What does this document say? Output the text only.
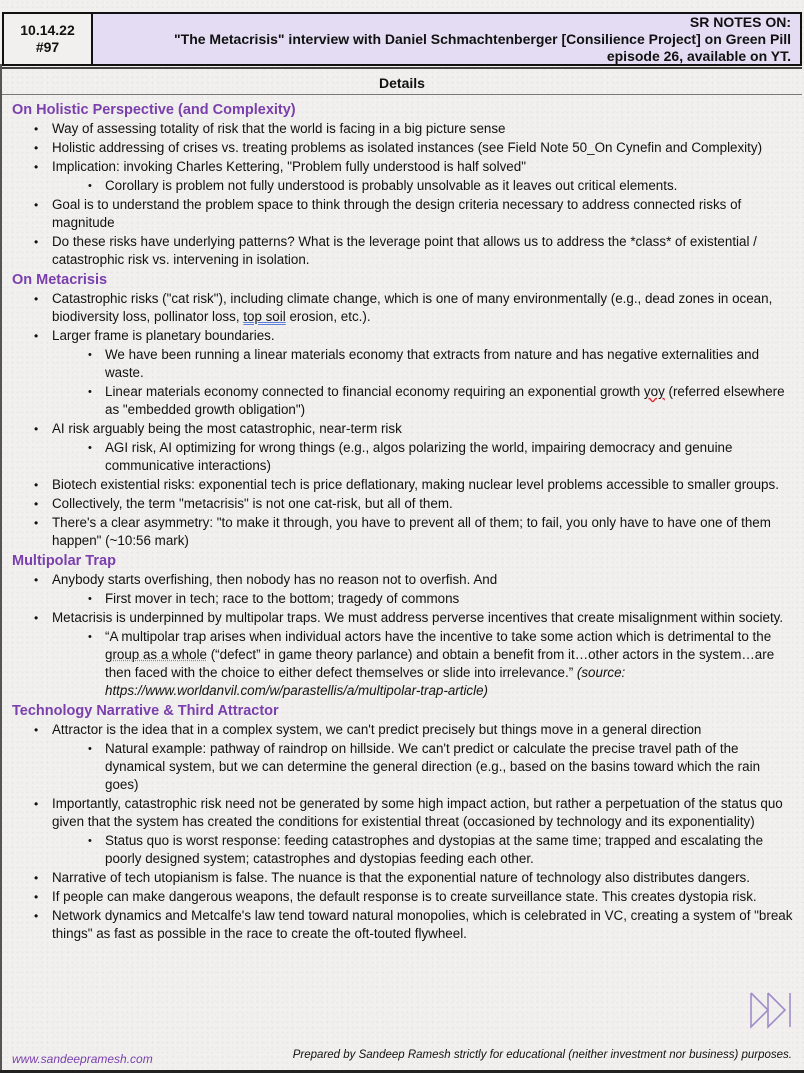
10.14.22
#97
SR NOTES ON:
"The Metacrisis" interview with Daniel Schmachtenberger [Consilience Project] on Green Pill
episode 26, available on YT.
Details
On Holistic Perspective (and Complexity)
• Way of assessing totality of risk that the world is facing in a big picture sense
• Holistic addressing of crises vs. treating problems as isolated instances (see Field Note 50_On Cynefin and Complexity)
• Implication: invoking Charles Kettering, "Problem fully understood is half solved"
• Corollary is problem not fully understood is probably unsolvable as it leaves out critical elements.
• Goal is to understand the problem space to think through the design criteria necessary to address connected risks of magnitude
• Do these risks have underlying patterns? What is the leverage point that allows us to address the *class* of existential / catastrophic risk vs. intervening in isolation.
On Metacrisis
• Catastrophic risks ("cat risk"), including climate change, which is one of many environmentally (e.g., dead zones in ocean, biodiversity loss, pollinator loss, top soil erosion, etc.).
• Larger frame is planetary boundaries.
• We have been running a linear materials economy that extracts from nature and has negative externalities and waste.
• Linear materials economy connected to financial economy requiring an exponential growth yoy (referred elsewhere as "embedded growth obligation")
• AI risk arguably being the most catastrophic, near-term risk
• AGI risk, AI optimizing for wrong things (e.g., algos polarizing the world, impairing democracy and genuine communicative interactions)
• Biotech existential risks: exponential tech is price deflationary, making nuclear level problems accessible to smaller groups.
• Collectively, the term "metacrisis" is not one cat-risk, but all of them.
• There's a clear asymmetry: "to make it through, you have to prevent all of them; to fail, you only have to have one of them happen" (~10:56 mark)
Multipolar Trap
• Anybody starts overfishing, then nobody has no reason not to overfish. And
• First mover in tech; race to the bottom; tragedy of commons
• Metacrisis is underpinned by multipolar traps. We must address perverse incentives that create misalignment within society.
• “A multipolar trap arises when individual actors have the incentive to take some action which is detrimental to the group as a whole (“defect” in game theory parlance) and obtain a benefit from it…other actors in the system…are then faced with the choice to either defect themselves or slide into irrelevance.” (source: https://www.worldanvil.com/w/parastellis/a/multipolar-trap-article)
Technology Narrative & Third Attractor
• Attractor is the idea that in a complex system, we can't predict precisely but things move in a general direction
• Natural example: pathway of raindrop on hillside. We can't predict or calculate the precise travel path of the dynamical system, but we can determine the general direction (e.g., based on the basins toward which the rain goes)
• Importantly, catastrophic risk need not be generated by some high impact action, but rather a perpetuation of the status quo given that the system has created the conditions for existential threat (occasioned by technology and its exponentiality)
• Status quo is worst response: feeding catastrophes and dystopias at the same time; trapped and escalating the poorly designed system; catastrophes and dystopias feeding each other.
• Narrative of tech utopianism is false. The nuance is that the exponential nature of technology also distributes dangers.
• If people can make dangerous weapons, the default response is to create surveillance state. This creates dystopia risk.
• Network dynamics and Metcalfe's law tend toward natural monopolies, which is celebrated in VC, creating a system of "break things" as fast as possible in the race to create the oft-touted flywheel.
www.sandeepramesh.com	Prepared by Sandeep Ramesh strictly for educational (neither investment nor business) purposes.
